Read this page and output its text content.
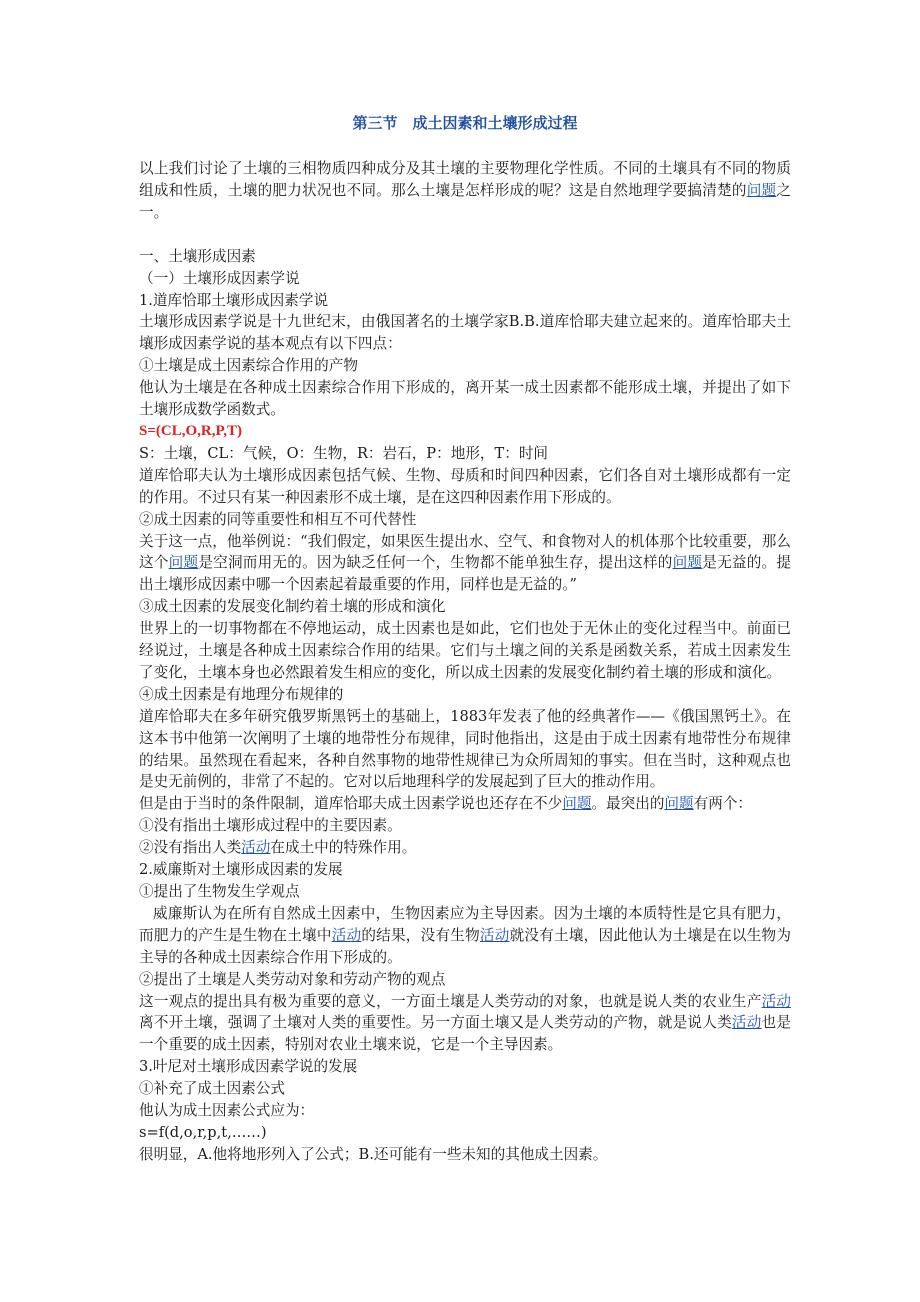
第三节　成土因素和土壤形成过程

以上我们讨论了土壤的三相物质四种成分及其土壤的主要物理化学性质。不同的土壤具有不同的物质组成和性质，土壤的肥力状况也不同。那么土壤是怎样形成的呢？这是自然地理学要搞清楚的问题之一。

一、土壤形成因素

（一）土壤形成因素学说

1.道库恰耶土壤形成因素学说

土壤形成因素学说是十九世纪末，由俄国著名的土壤学家B.B.道库恰耶夫建立起来的。道库恰耶夫土壤形成因素学说的基本观点有以下四点：

①土壤是成土因素综合作用的产物

他认为土壤是在各种成土因素综合作用下形成的，离开某一成土因素都不能形成土壤，并提出了如下土壤形成数学函数式。

S=(CL,O,R,P,T)

S：土壤，CL：气候，O：生物，R：岩石，P：地形，T：时间

道库恰耶夫认为土壤形成因素包括气候、生物、母质和时间四种因素，它们各自对土壤形成都有一定的作用。不过只有某一种因素形不成土壤，是在这四种因素作用下形成的。

②成土因素的同等重要性和相互不可代替性

关于这一点，他举例说：“我们假定，如果医生提出水、空气、和食物对人的机体那个比较重要，那么这个问题是空洞而用无的。因为缺乏任何一个，生物都不能单独生存，提出这样的问题是无益的。提出土壤形成因素中哪一个因素起着最重要的作用，同样也是无益的。”

③成土因素的发展变化制约着土壤的形成和演化

世界上的一切事物都在不停地运动，成土因素也是如此，它们也处于无休止的变化过程当中。前面已经说过，土壤是各种成土因素综合作用的结果。它们与土壤之间的关系是函数关系，若成土因素发生了变化，土壤本身也必然跟着发生相应的变化，所以成土因素的发展变化制约着土壤的形成和演化。

④成土因素是有地理分布规律的

道库恰耶夫在多年研究俄罗斯黑钙土的基础上，1883年发表了他的经典著作——《俄国黑钙土》。在这本书中他第一次阐明了土壤的地带性分布规律，同时他指出，这是由于成土因素有地带性分布规律的结果。虽然现在看起来，各种自然事物的地带性规律已为众所周知的事实。但在当时，这种观点也是史无前例的，非常了不起的。它对以后地理科学的发展起到了巨大的推动作用。

但是由于当时的条件限制，道库恰耶夫成土因素学说也还存在不少问题。最突出的问题有两个：

①没有指出土壤形成过程中的主要因素。

②没有指出人类活动在成土中的特殊作用。

2.威廉斯对土壤形成因素的发展

①提出了生物发生学观点

威廉斯认为在所有自然成土因素中，生物因素应为主导因素。因为土壤的本质特性是它具有肥力，而肥力的产生是生物在土壤中活动的结果，没有生物活动就没有土壤，因此他认为土壤是在以生物为主导的各种成土因素综合作用下形成的。

②提出了土壤是人类劳动对象和劳动产物的观点

这一观点的提出具有极为重要的意义，一方面土壤是人类劳动的对象，也就是说人类的农业生产活动离不开土壤，强调了土壤对人类的重要性。另一方面土壤又是人类劳动的产物，就是说人类活动也是一个重要的成土因素，特别对农业土壤来说，它是一个主导因素。

3.叶尼对土壤形成因素学说的发展

①补充了成土因素公式

他认为成土因素公式应为：

s=f(d,o,r,p,t,……)

很明显，A.他将地形列入了公式；B.还可能有一些未知的其他成土因素。
